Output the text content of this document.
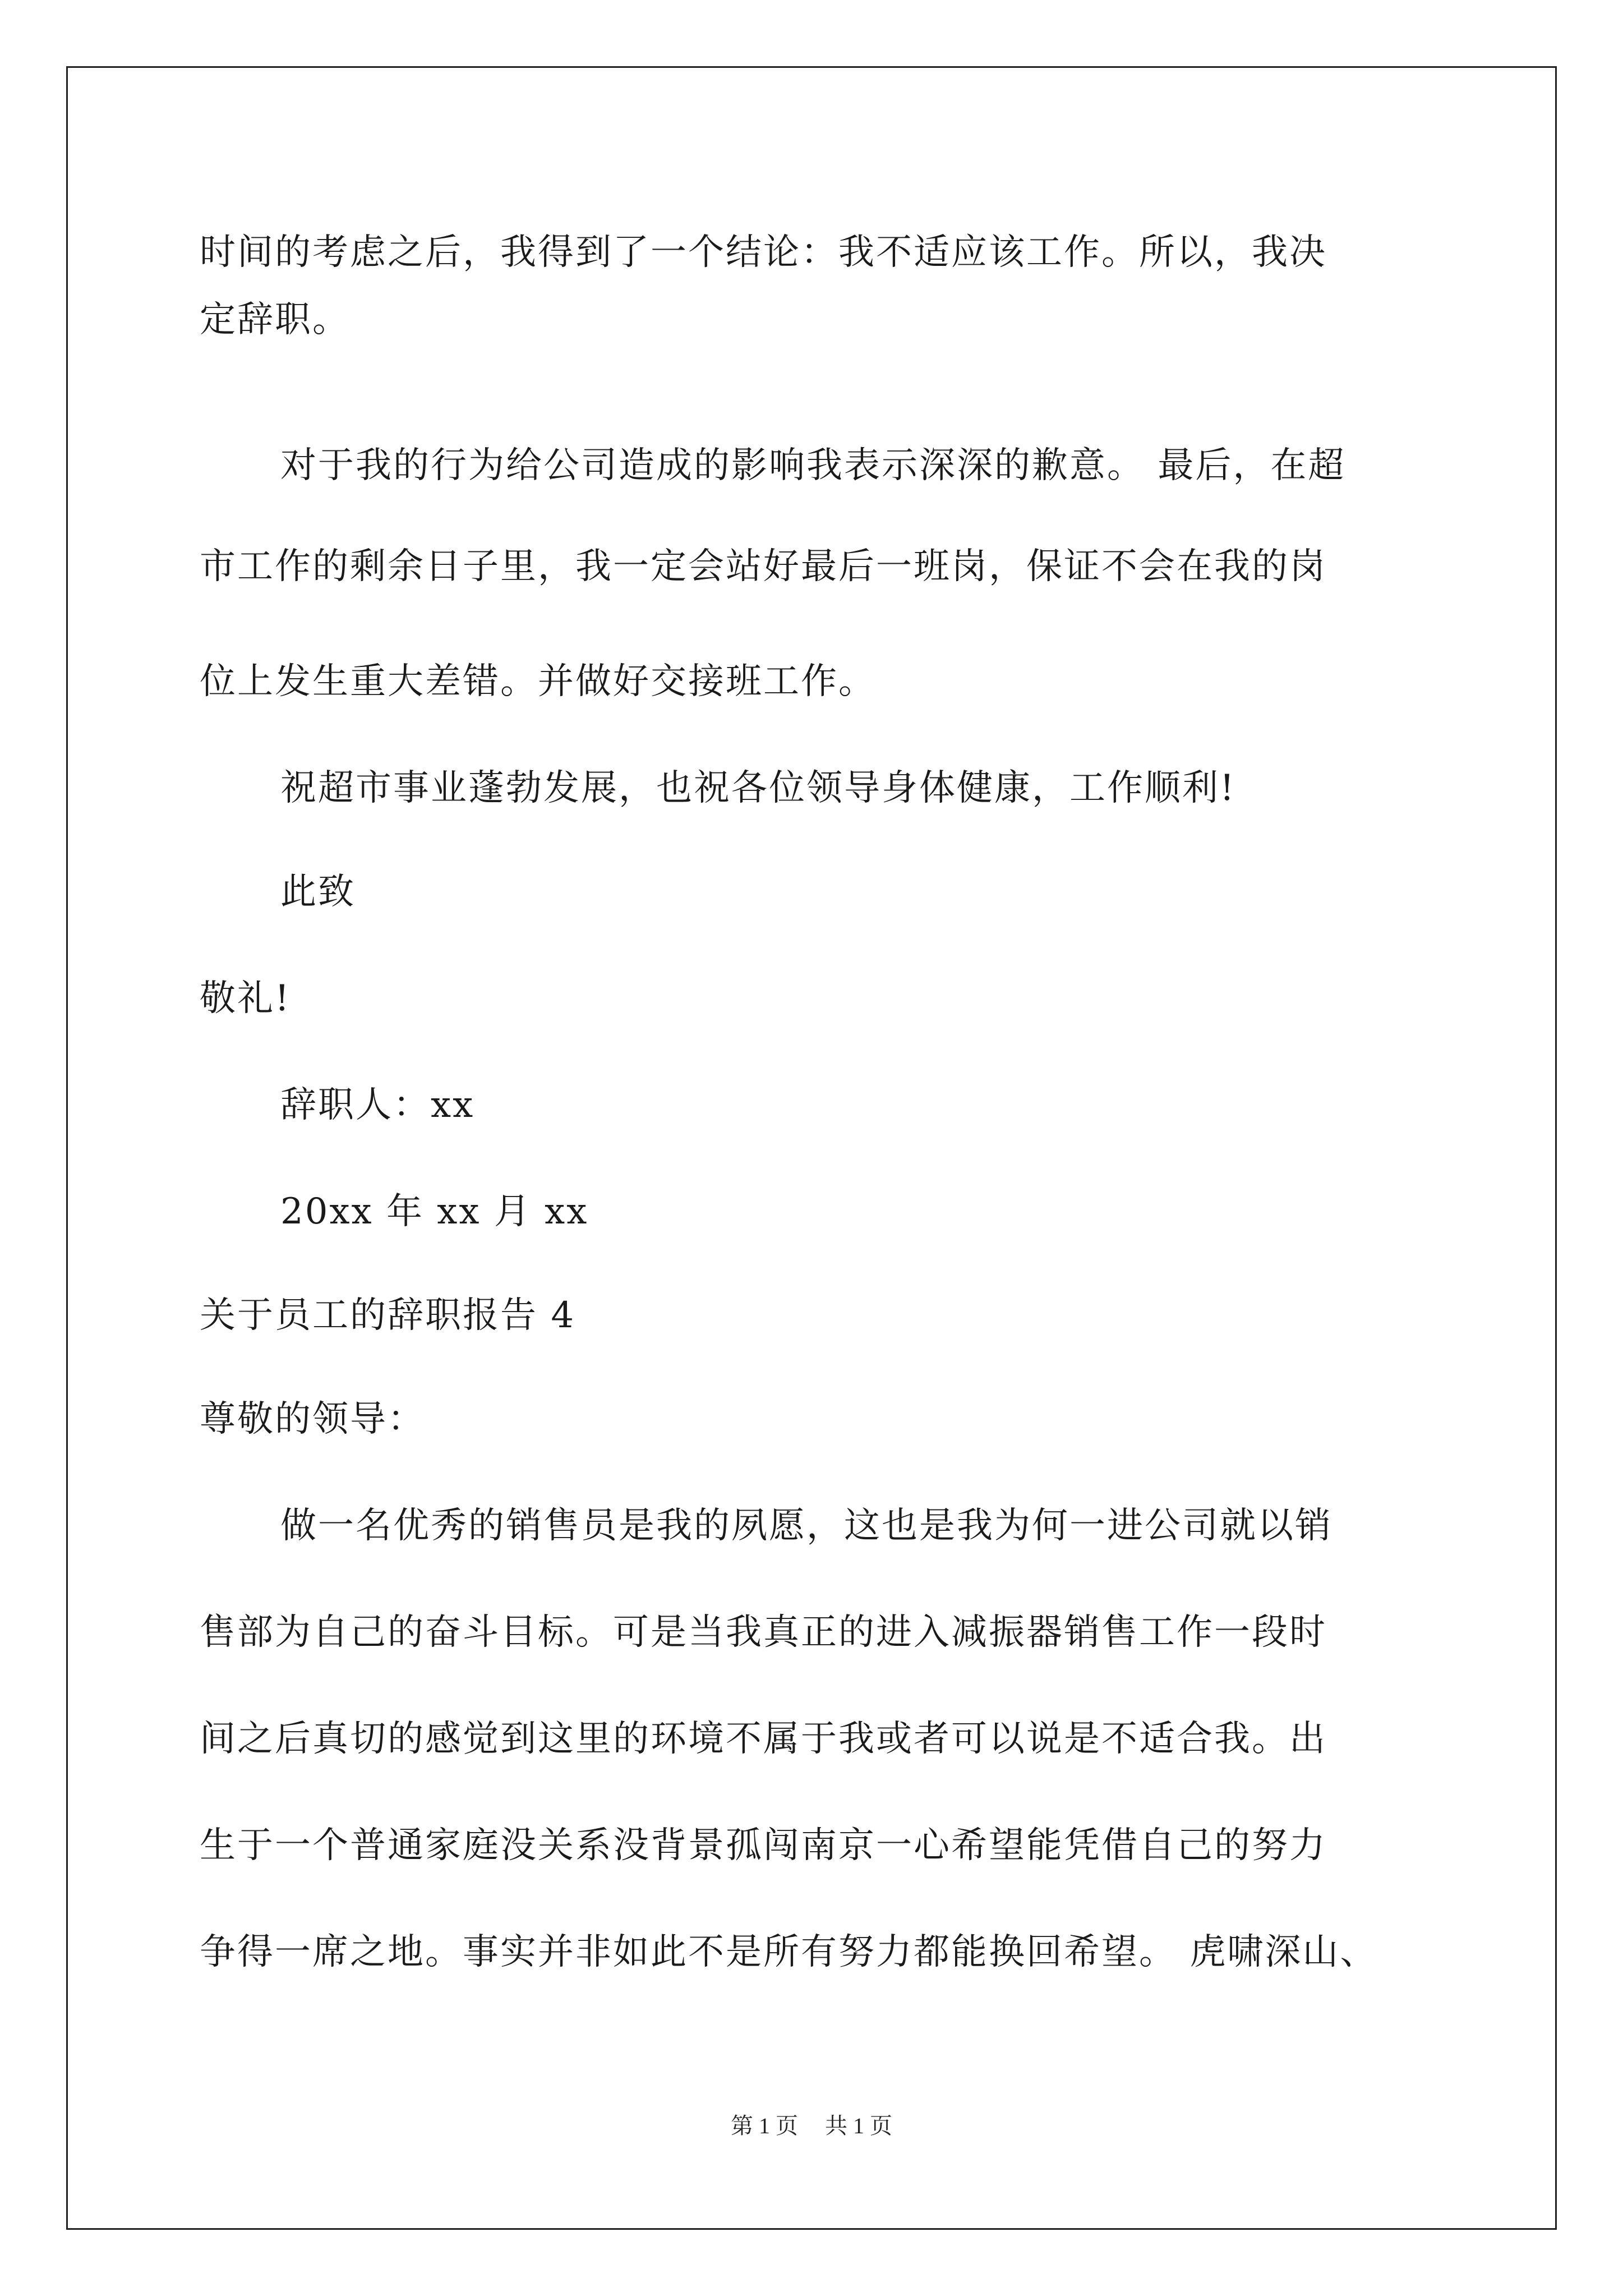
时间的考虑之后，我得到了一个结论：我不适应该工作。所以，我决
定辞职。
对于我的行为给公司造成的影响我表示深深的歉意。 最后，在超
市工作的剩余日子里，我一定会站好最后一班岗，保证不会在我的岗
位上发生重大差错。并做好交接班工作。
祝超市事业蓬勃发展，也祝各位领导身体健康，工作顺利!
此致
敬礼!
辞职人：xx
20xx 年 xx 月 xx
关于员工的辞职报告 4
尊敬的领导：
做一名优秀的销售员是我的夙愿，这也是我为何一进公司就以销
售部为自己的奋斗目标。可是当我真正的进入减振器销售工作一段时
间之后真切的感觉到这里的环境不属于我或者可以说是不适合我。出
生于一个普通家庭没关系没背景孤闯南京一心希望能凭借自己的努力
争得一席之地。事实并非如此不是所有努力都能换回希望。 虎啸深山、
第 1 页 共 1 页
